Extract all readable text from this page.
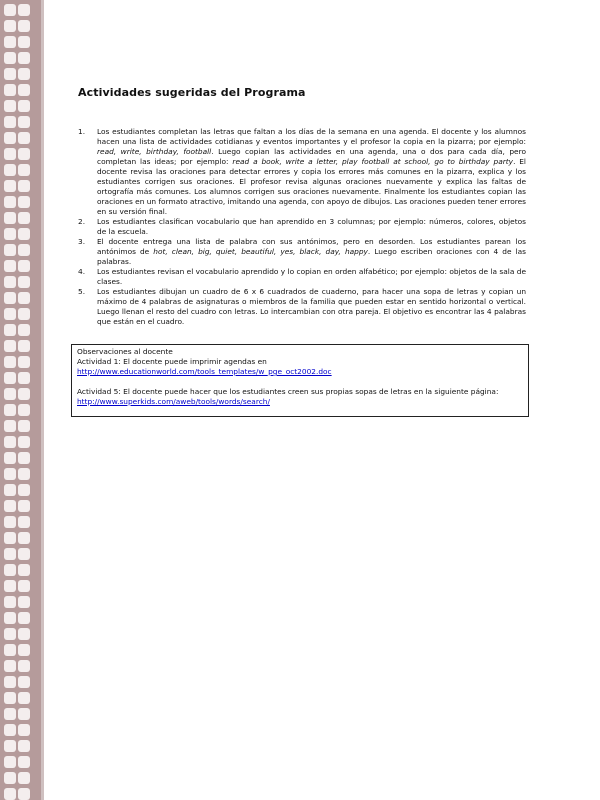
Actividades sugeridas del Programa
1. Los estudiantes completan las letras que faltan a los días de la semana en una agenda. El docente y los alumnos hacen una lista de actividades cotidianas y eventos importantes y el profesor la copia en la pizarra; por ejemplo: read, write, birthday, football. Luego copian las actividades en una agenda, una o dos para cada día, pero completan las ideas; por ejemplo: read a book, write a letter, play football at school, go to birthday party. El docente revisa las oraciones para detectar errores y copia los errores más comunes en la pizarra, explica y los estudiantes corrigen sus oraciones. El profesor revisa algunas oraciones nuevamente y explica las faltas de ortografía más comunes. Los alumnos corrigen sus oraciones nuevamente. Finalmente los estudiantes copian las oraciones en un formato atractivo, imitando una agenda, con apoyo de dibujos. Las oraciones pueden tener errores en su versión final.
2. Los estudiantes clasifican vocabulario que han aprendido en 3 columnas; por ejemplo: números, colores, objetos de la escuela.
3. El docente entrega una lista de palabra con sus antónimos, pero en desorden. Los estudiantes parean los antónimos de hot, clean, big, quiet, beautiful, yes, black, day, happy. Luego escriben oraciones con 4 de las palabras.
4. Los estudiantes revisan el vocabulario aprendido y lo copian en orden alfabético; por ejemplo: objetos de la sala de clases.
5. Los estudiantes dibujan un cuadro de 6 x 6 cuadrados de cuaderno, para hacer una sopa de letras y copian un máximo de 4 palabras de asignaturas o miembros de la familia que pueden estar en sentido horizontal o vertical. Luego llenan el resto del cuadro con letras. Lo intercambian con otra pareja. El objetivo es encontrar las 4 palabras que están en el cuadro.
Observaciones al docente
Actividad 1: El docente puede imprimir agendas en
http://www.educationworld.com/tools_templates/w_pge_oct2002.doc
Actividad 5: El docente puede hacer que los estudiantes creen sus propias sopas de letras en la siguiente página: http://www.superkids.com/aweb/tools/words/search/
